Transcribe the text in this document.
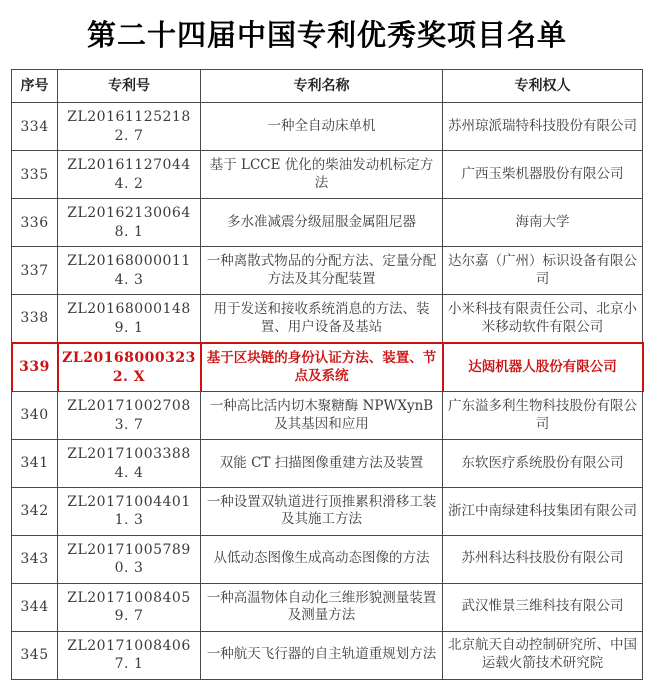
第二十四届中国专利优秀奖项目名单
序号	专利号	专利名称	专利权人
334	ZL201611252182. 7	一种全自动床单机	苏州琼派瑞特科技股份有限公司
335	ZL201611270444. 2	基于 LCCE 优化的柴油发动机标定方法	广西玉柴机器股份有限公司
336	ZL201621300648. 1	多水准减震分级屈服金属阻尼器	海南大学
337	ZL201680000114. 3	一种离散式物品的分配方法、定量分配方法及其分配装置	达尔嘉（广州）标识设备有限公司
338	ZL201680001489. 1	用于发送和接收系统消息的方法、装置、用户设备及基站	小米科技有限责任公司、北京小米移动软件有限公司
339	ZL201680003232. X	基于区块链的身份认证方法、装置、节点及系统	达闼机器人股份有限公司
340	ZL201710027083. 7	一种高比活内切木聚糖酶 NPWXynB 及其基因和应用	广东溢多利生物科技股份有限公司
341	ZL201710033884. 4	双能 CT 扫描图像重建方法及装置	东软医疗系统股份有限公司
342	ZL201710044011. 3	一种设置双轨道进行顶推累积滑移工装及其施工方法	浙江中南绿建科技集团有限公司
343	ZL201710057890. 3	从低动态图像生成高动态图像的方法	苏州科达科技股份有限公司
344	ZL201710084059. 7	一种高温物体自动化三维形貌测量装置及测量方法	武汉惟景三维科技有限公司
345	ZL201710084067. 1	一种航天飞行器的自主轨道重规划方法	北京航天自动控制研究所、中国运载火箭技术研究院
